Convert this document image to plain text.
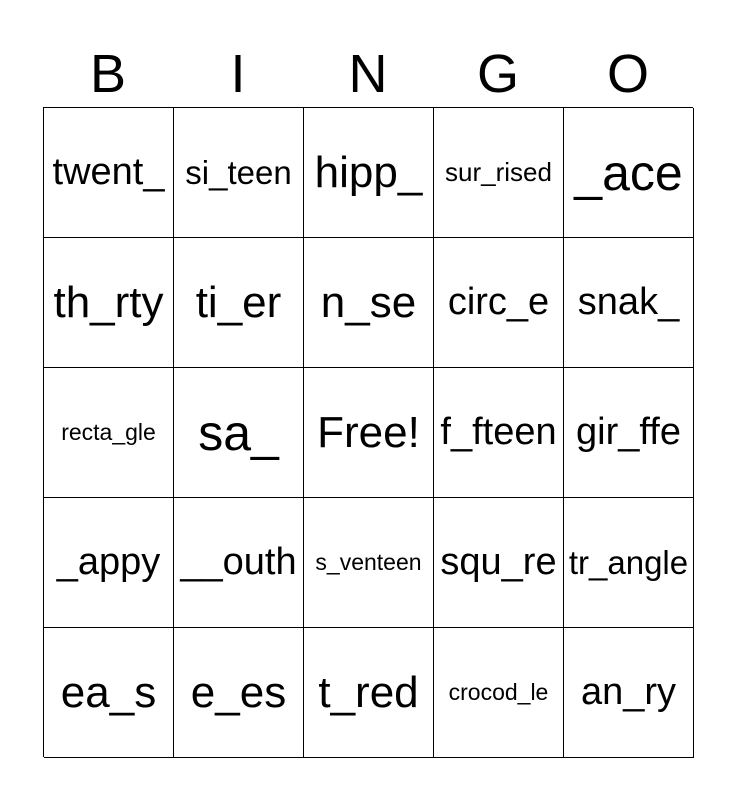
B	I	N	G	O
twent_ si_teen hipp_ sur_rised _ace
th_rty ti_er n_se circ_e snak_
recta_gle sa_ Free! f_fteen gir_ffe
_appy __outh s_venteen squ_re tr_angle
ea_s e_es t_red crocod_le an_ry
